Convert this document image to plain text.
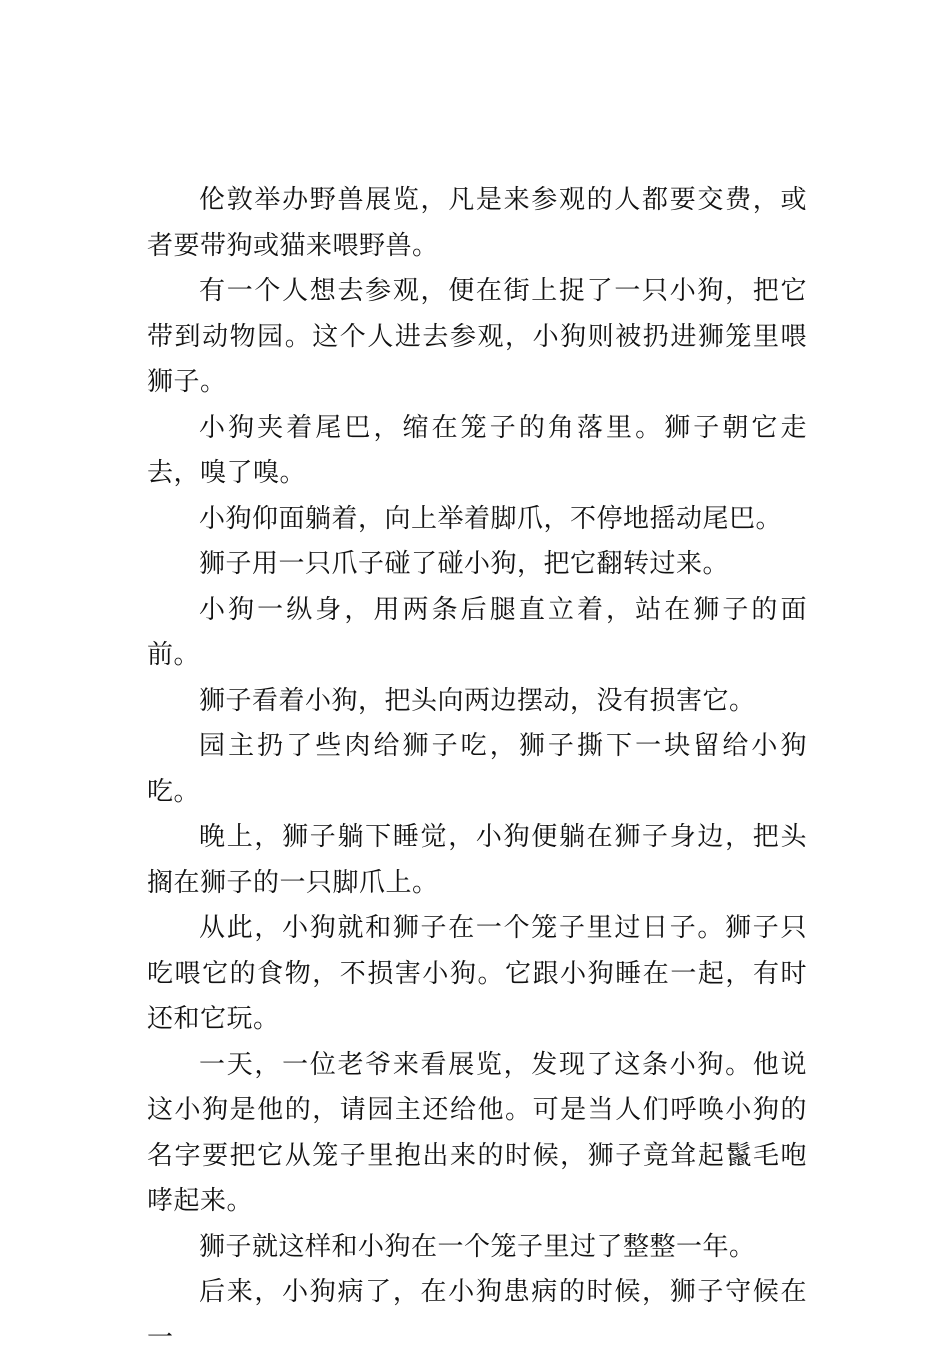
伦敦举办野兽展览，凡是来参观的人都要交费，或者要带狗或猫来喂野兽。

有一个人想去参观，便在街上捉了一只小狗，把它带到动物园。这个人进去参观，小狗则被扔进狮笼里喂狮子。

小狗夹着尾巴，缩在笼子的角落里。狮子朝它走去，嗅了嗅。

小狗仰面躺着，向上举着脚爪，不停地摇动尾巴。

狮子用一只爪子碰了碰小狗，把它翻转过来。

小狗一纵身，用两条后腿直立着，站在狮子的面前。

狮子看着小狗，把头向两边摆动，没有损害它。

园主扔了些肉给狮子吃，狮子撕下一块留给小狗吃。

晚上，狮子躺下睡觉，小狗便躺在狮子身边，把头搁在狮子的一只脚爪上。

从此，小狗就和狮子在一个笼子里过日子。狮子只吃喂它的食物，不损害小狗。它跟小狗睡在一起，有时还和它玩。

一天，一位老爷来看展览，发现了这条小狗。他说这小狗是他的，请园主还给他。可是当人们呼唤小狗的名字要把它从笼子里抱出来的时候，狮子竟耸起鬣毛咆哮起来。

狮子就这样和小狗在一个笼子里过了整整一年。

后来，小狗病了，在小狗患病的时候，狮子守候在一
